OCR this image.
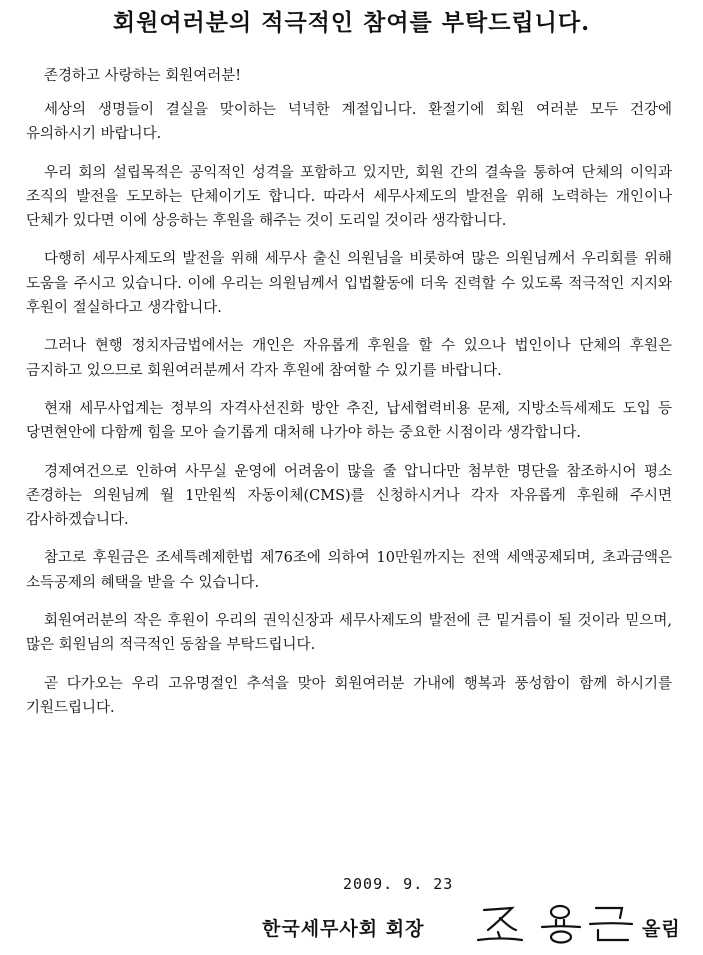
회원여러분의 적극적인 참여를 부탁드립니다.

존경하고 사랑하는 회원여러분!

세상의 생명들이 결실을 맞이하는 넉넉한 계절입니다. 환절기에 회원 여러분 모두 건강에 유의하시기 바랍니다.

우리 회의 설립목적은 공익적인 성격을 포함하고 있지만, 회원 간의 결속을 통하여 단체의 이익과 조직의 발전을 도모하는 단체이기도 합니다. 따라서 세무사제도의 발전을 위해 노력하는 개인이나 단체가 있다면 이에 상응하는 후원을 해주는 것이 도리일 것이라 생각합니다.

다행히 세무사제도의 발전을 위해 세무사 출신 의원님을 비롯하여 많은 의원님께서 우리회를 위해 도움을 주시고 있습니다. 이에 우리는 의원님께서 입법활동에 더욱 진력할 수 있도록 적극적인 지지와 후원이 절실하다고 생각합니다.

그러나 현행 정치자금법에서는 개인은 자유롭게 후원을 할 수 있으나 법인이나 단체의 후원은 금지하고 있으므로 회원여러분께서 각자 후원에 참여할 수 있기를 바랍니다.

현재 세무사업계는 정부의 자격사선진화 방안 추진, 납세협력비용 문제, 지방소득세제도 도입 등 당면현안에 다함께 힘을 모아 슬기롭게 대처해 나가야 하는 중요한 시점이라 생각합니다.

경제여건으로 인하여 사무실 운영에 어려움이 많을 줄 압니다만 첨부한 명단을 참조하시어 평소 존경하는 의원님께 월 1만원씩 자동이체(CMS)를 신청하시거나 각자 자유롭게 후원해 주시면 감사하겠습니다.

참고로 후원금은 조세특례제한법 제76조에 의하여 10만원까지는 전액 세액공제되며, 초과금액은 소득공제의 혜택을 받을 수 있습니다.

회원여러분의 작은 후원이 우리의 권익신장과 세무사제도의 발전에 큰 밑거름이 될 것이라 믿으며, 많은 회원님의 적극적인 동참을 부탁드립니다.

곧 다가오는 우리 고유명절인 추석을 맞아 회원여러분 가내에 행복과 풍성함이 함께 하시기를 기원드립니다.

2009. 9. 23

한국세무사회 회장	올림
